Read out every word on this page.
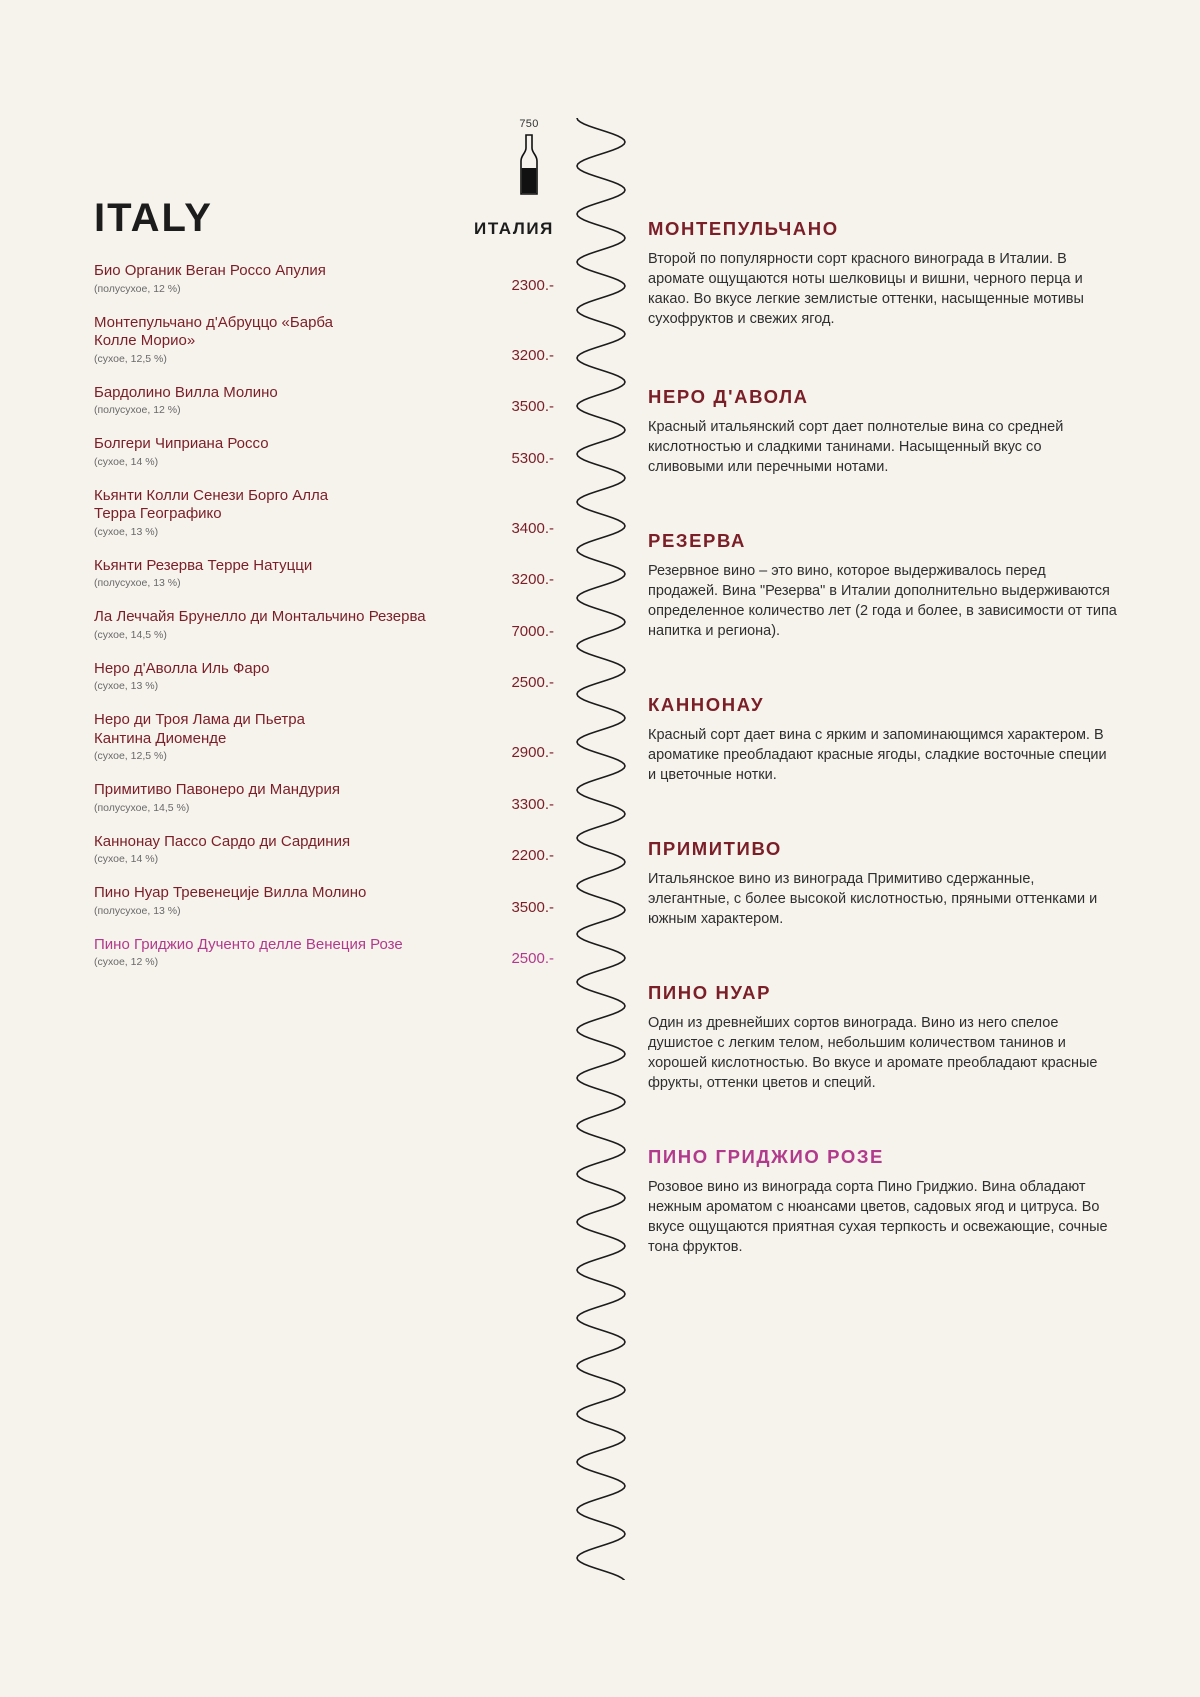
750
ITALY	ИТАЛИЯ
Био Органик Веган Россо Апулия
(полусухое, 12 %)	2300.-
Монтепульчано д'Абруццо «Барба Колле Морио»
(сухое, 12,5 %)	3200.-
Бардолино Вилла Молино
(полусухое, 12 %)	3500.-
Болгери Чиприана Россо
(сухое, 14 %)	5300.-
Кьянти Колли Сенези Борго Алла Терра Географико
(сухое, 13 %)	3400.-
Кьянти Резерва Терре Натуцци
(полусухое, 13 %)	3200.-
Ла Леччайя Брунелло ди Монтальчино Резерва
(сухое, 14,5 %)	7000.-
Неро д'Аволла Иль Фаро
(сухое, 13 %)	2500.-
Неро ди Троя Лама ди Пьетра Кантина Диоменде
(сухое, 12,5 %)	2900.-
Примитиво Павонеро ди Мандурия
(полусухое, 14,5 %)	3300.-
Каннонау Пассо Сардо ди Сардиния
(сухое, 14 %)	2200.-
Пино Нуар Тревенеције Вилла Молино
(полусухое, 13 %)	3500.-
Пино Гриджио Дученто делле Венеция Розе
(сухое, 12 %)	2500.-
МОНТЕПУЛЬЧАНО
Второй по популярности сорт красного винограда в Италии. В аромате ощущаются ноты шелковицы и вишни, черного перца и какао. Во вкусе легкие землистые оттенки, насыщенные мотивы сухофруктов и свежих ягод.
НЕРО Д'АВОЛА
Красный итальянский сорт дает полнотелые вина со средней кислотностью и сладкими танинами. Насыщенный вкус со сливовыми или перечными нотами.
РЕЗЕРВА
Резервное вино – это вино, которое выдерживалось перед продажей. Вина "Резерва" в Италии дополнительно выдерживаются определенное количество лет (2 года и более, в зависимости от типа напитка и региона).
КАННОНАУ
Красный сорт дает вина с ярким и запоминающимся характером. В ароматике преобладают красные ягоды, сладкие восточные специи и цветочные нотки.
ПРИМИТИВО
Итальянское вино из винограда Примитиво сдержанные, элегантные, с более высокой кислотностью, пряными оттенками и южным характером.
ПИНО НУАР
Один из древнейших сортов винограда. Вино из него спелое душистое с легким телом, небольшим количеством танинов и хорошей кислотностью. Во вкусе и аромате преобладают красные фрукты, оттенки цветов и специй.
ПИНО ГРИДЖИО РОЗЕ
Розовое вино из винограда сорта Пино Гриджио. Вина обладают нежным ароматом с нюансами цветов, садовых ягод и цитруса. Во вкусе ощущаются приятная сухая терпкость и освежающие, сочные тона фруктов.
